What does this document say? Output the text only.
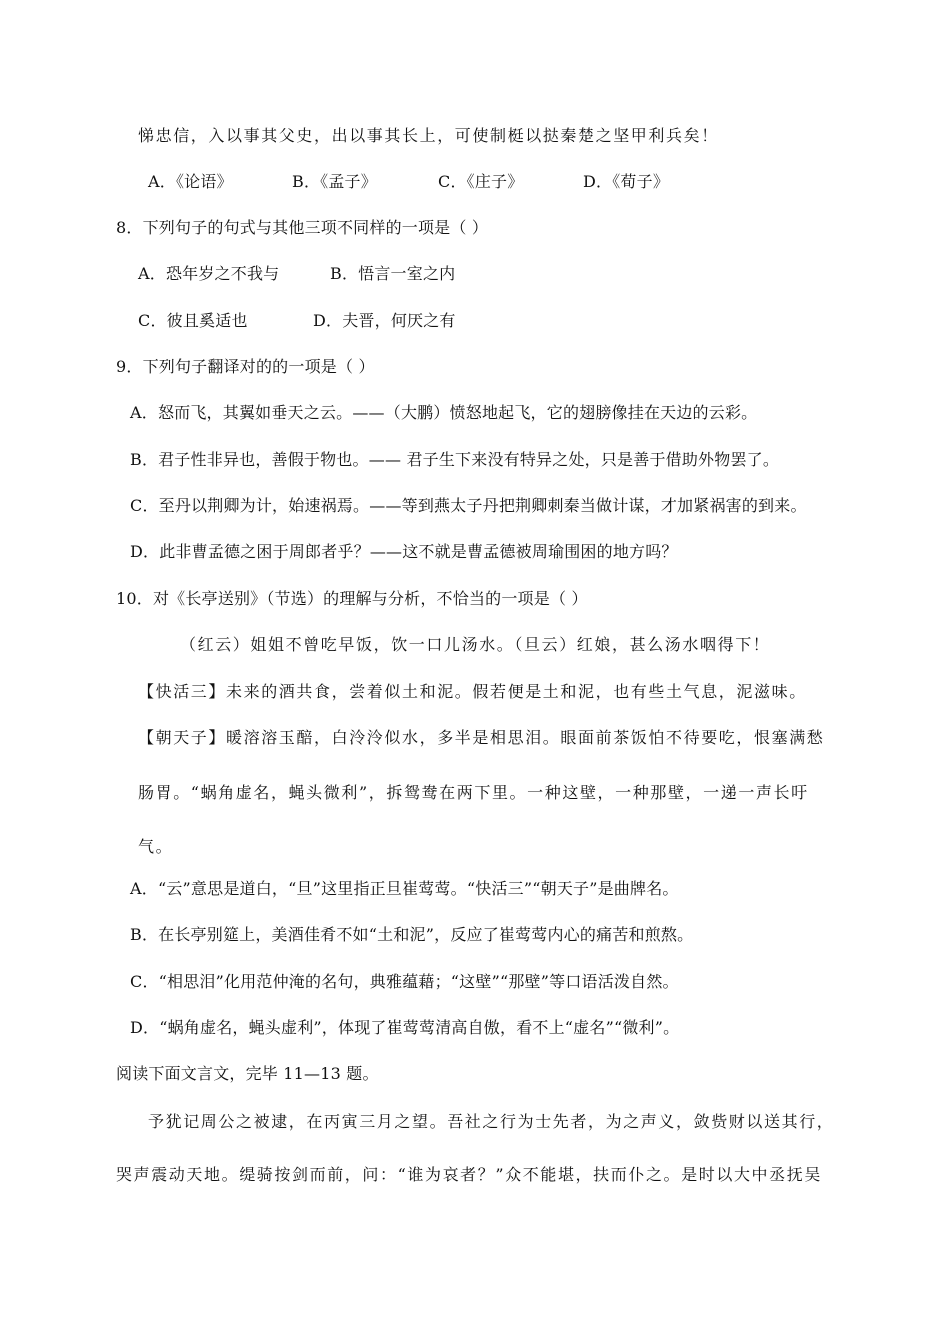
悌忠信，入以事其父史，出以事其长上，可使制梃以挞秦楚之坚甲利兵矣！
A．《论语》	B．《孟子》	C．《庄子》	D．《荀子》
8．下列句子的句式与其他三项不同样的一项是（ ）
A．恐年岁之不我与	B．悟言一室之内
C．彼且奚适也	D．夫晋，何厌之有
9．下列句子翻译对的的一项是（ ）
A．怒而飞，其翼如垂天之云。——（大鹏）愤怒地起飞，它的翅膀像挂在天边的云彩。
B．君子性非异也，善假于物也。—— 君子生下来没有特异之处，只是善于借助外物罢了。
C．至丹以荆卿为计，始速祸焉。——等到燕太子丹把荆卿刺秦当做计谋，才加紧祸害的到来。
D．此非曹孟德之困于周郎者乎？——这不就是曹孟德被周瑜围困的地方吗？
10．对《长亭送别》（节选）的理解与分析，不恰当的一项是（ ）
（红云）姐姐不曾吃早饭，饮一口儿汤水。（旦云）红娘，甚么汤水咽得下！
【快活三】未来的酒共食，尝着似土和泥。假若便是土和泥，也有些土气息，泥滋味。
【朝天子】暖溶溶玉醅，白泠泠似水，多半是相思泪。眼面前茶饭怕不待要吃，恨塞满愁
肠胃。“蜗角虚名，蝇头微利”，拆鸳鸯在两下里。一种这壁，一种那壁，一递一声长吁
气。
A．“云”意思是道白，“旦”这里指正旦崔莺莺。“快活三”“朝天子”是曲牌名。
B．在长亭别筵上，美酒佳肴不如“土和泥”，反应了崔莺莺内心的痛苦和煎熬。
C．“相思泪”化用范仲淹的名句，典雅蕴藉；“这壁”“那壁”等口语活泼自然。
D．“蜗角虚名，蝇头虚利”，体现了崔莺莺清高自傲，看不上“虚名”“微利”。
阅读下面文言文，完毕 11—13 题。
予犹记周公之被逮，在丙寅三月之望。吾社之行为士先者，为之声义，敛赀财以送其行，
哭声震动天地。缇骑按剑而前，问：“谁为哀者？”众不能堪，扶而仆之。是时以大中丞抚吴
